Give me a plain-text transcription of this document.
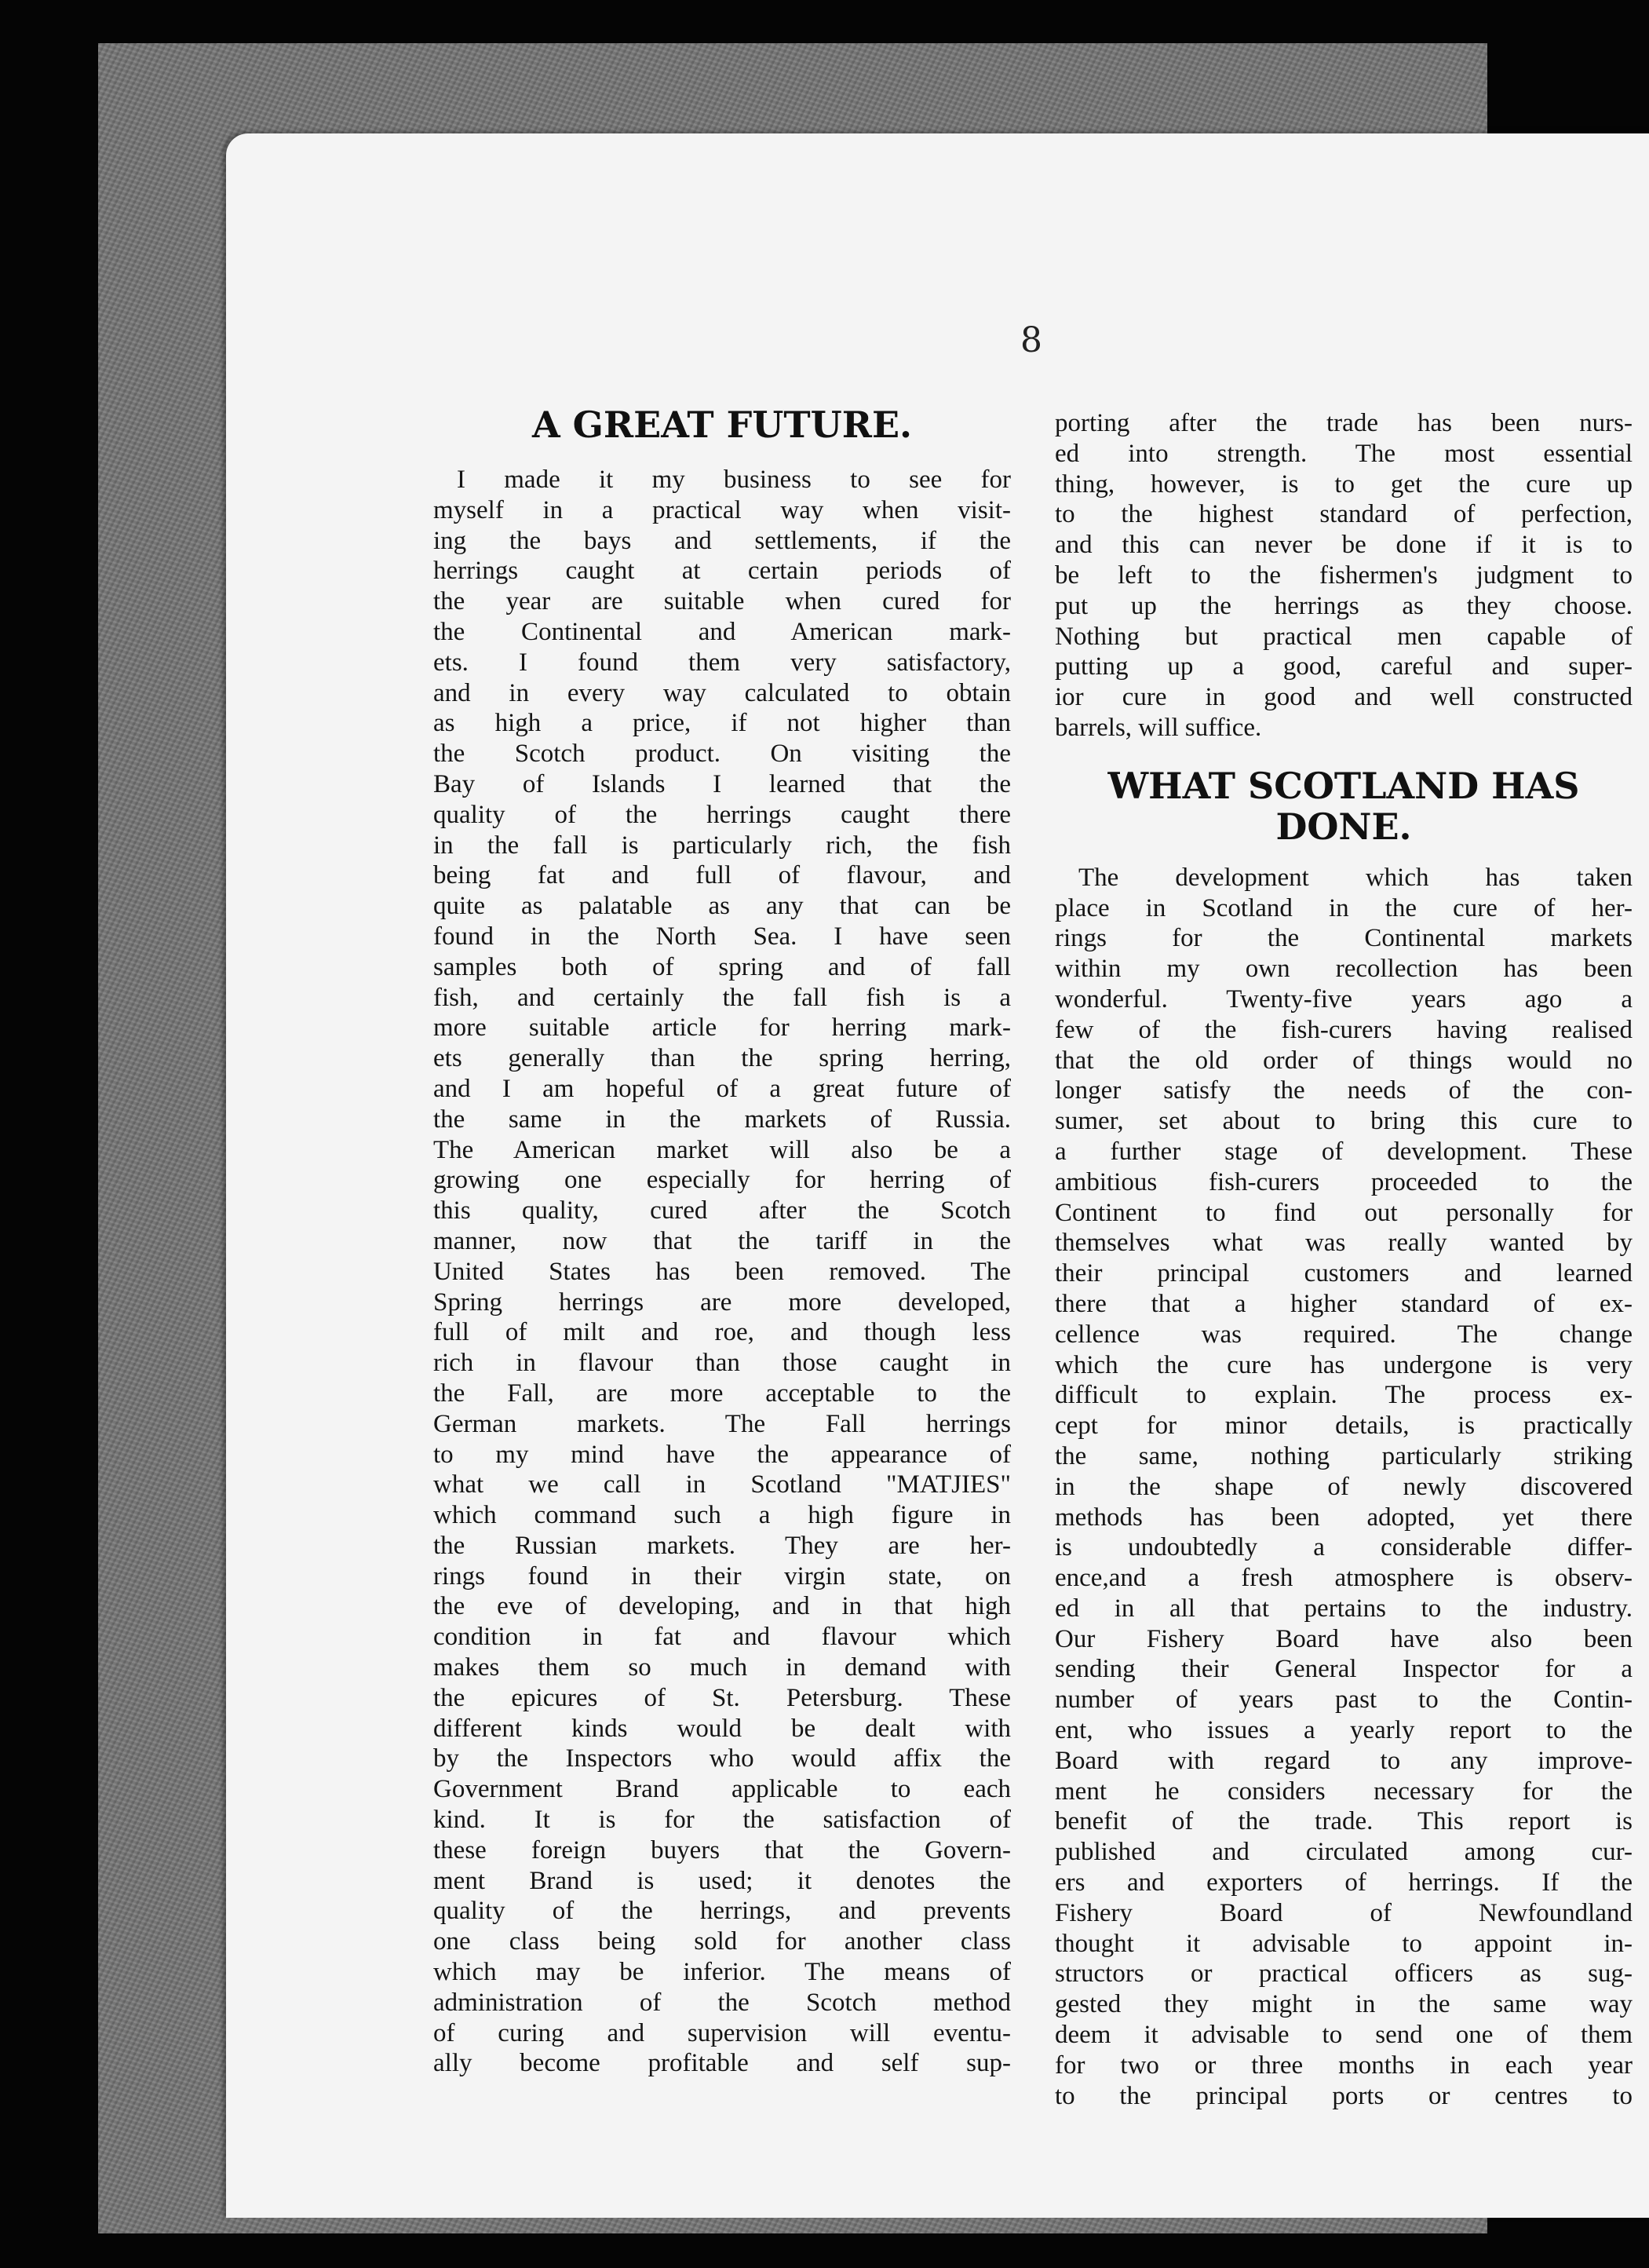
8
A GREAT FUTURE.
I made it my business to see for
myself in a practical way when visit-
ing the bays and settlements, if the
herrings caught at certain periods of
the year are suitable when cured for
the Continental and American mark-
ets. I found them very satisfactory,
and in every way calculated to obtain
as high a price, if not higher than
the Scotch product. On visiting the
Bay of Islands I learned that the
quality of the herrings caught there
in the fall is particularly rich, the fish
being fat and full of flavour, and
quite as palatable as any that can be
found in the North Sea. I have seen
samples both of spring and of fall
fish, and certainly the fall fish is a
more suitable article for herring mark-
ets generally than the spring herring,
and I am hopeful of a great future of
the same in the markets of Russia.
The American market will also be a
growing one especially for herring of
this quality, cured after the Scotch
manner, now that the tariff in the
United States has been removed. The
Spring herrings are more developed,
full of milt and roe, and though less
rich in flavour than those caught in
the Fall, are more acceptable to the
German markets. The Fall herrings
to my mind have the appearance of
what we call in Scotland "MATJIES"
which command such a high figure in
the Russian markets. They are her-
rings found in their virgin state, on
the eve of developing, and in that high
condition in fat and flavour which
makes them so much in demand with
the epicures of St. Petersburg. These
different kinds would be dealt with
by the Inspectors who would affix the
Government Brand applicable to each
kind. It is for the satisfaction of
these foreign buyers that the Govern-
ment Brand is used; it denotes the
quality of the herrings, and prevents
one class being sold for another class
which may be inferior. The means of
administration of the Scotch method
of curing and supervision will eventu-
ally become profitable and self sup-
porting after the trade has been nurs-
ed into strength. The most essential
thing, however, is to get the cure up
to the highest standard of perfection,
and this can never be done if it is to
be left to the fishermen's judgment to
put up the herrings as they choose.
Nothing but practical men capable of
putting up a good, careful and super-
ior cure in good and well constructed
barrels, will suffice.
WHAT SCOTLAND HAS
DONE.
The development which has taken
place in Scotland in the cure of her-
rings for the Continental markets
within my own recollection has been
wonderful. Twenty-five years ago a
few of the fish-curers having realised
that the old order of things would no
longer satisfy the needs of the con-
sumer, set about to bring this cure to
a further stage of development. These
ambitious fish-curers proceeded to the
Continent to find out personally for
themselves what was really wanted by
their principal customers and learned
there that a higher standard of ex-
cellence was required. The change
which the cure has undergone is very
difficult to explain. The process ex-
cept for minor details, is practically
the same, nothing particularly striking
in the shape of newly discovered
methods has been adopted, yet there
is undoubtedly a considerable differ-
ence,and a fresh atmosphere is observ-
ed in all that pertains to the industry.
Our Fishery Board have also been
sending their General Inspector for a
number of years past to the Contin-
ent, who issues a yearly report to the
Board with regard to any improve-
ment he considers necessary for the
benefit of the trade. This report is
published and circulated among cur-
ers and exporters of herrings. If the
Fishery Board of Newfoundland
thought it advisable to appoint in-
structors or practical officers as sug-
gested they might in the same way
deem it advisable to send one of them
for two or three months in each year
to the principal ports or centres to
